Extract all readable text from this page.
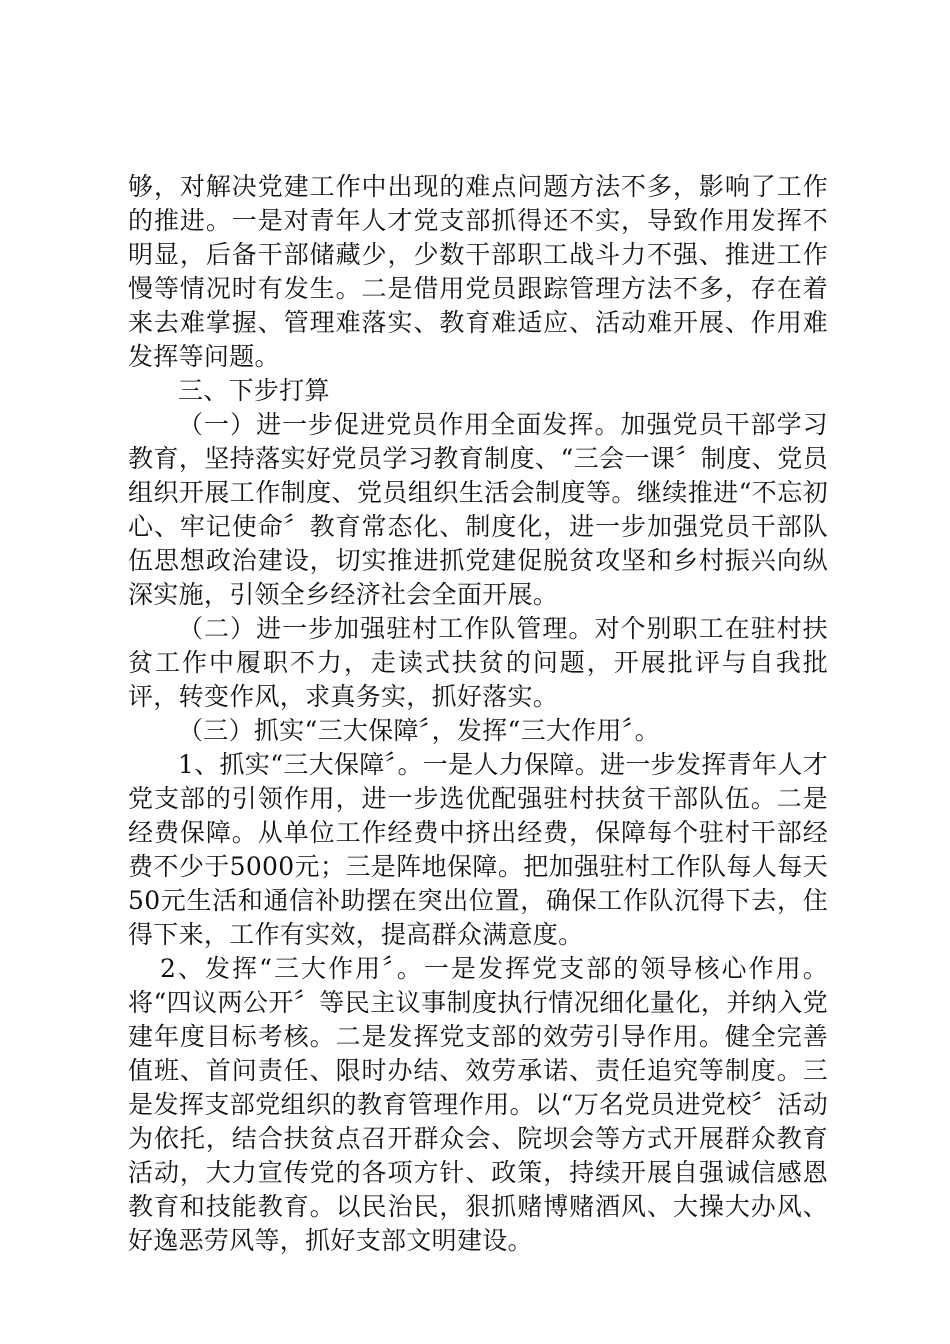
够，对解决党建工作中出现的难点问题方法不多，影响了工作的推进。一是对青年人才党支部抓得还不实，导致作用发挥不明显，后备干部储藏少，少数干部职工战斗力不强、推进工作慢等情况时有发生。二是借用党员跟踪管理方法不多，存在着来去难掌握、管理难落实、教育难适应、活动难开展、作用难发挥等问题。

三、下步打算

（一）进一步促进党员作用全面发挥。加强党员干部学习教育，坚持落实好党员学习教育制度、“三会一课〞制度、党员组织开展工作制度、党员组织生活会制度等。继续推进“不忘初心、牢记使命〞教育常态化、制度化，进一步加强党员干部队伍思想政治建设，切实推进抓党建促脱贫攻坚和乡村振兴向纵深实施，引领全乡经济社会全面开展。

（二）进一步加强驻村工作队管理。对个别职工在驻村扶贫工作中履职不力，走读式扶贫的问题，开展批评与自我批评，转变作风，求真务实，抓好落实。

（三）抓实“三大保障〞，发挥“三大作用〞。

1、抓实“三大保障〞。一是人力保障。进一步发挥青年人才党支部的引领作用，进一步选优配强驻村扶贫干部队伍。二是经费保障。从单位工作经费中挤出经费，保障每个驻村干部经费不少于5000元；三是阵地保障。把加强驻村工作队每人每天50元生活和通信补助摆在突出位置，确保工作队沉得下去，住得下来，工作有实效，提高群众满意度。

2、发挥“三大作用〞。一是发挥党支部的领导核心作用。将“四议两公开〞等民主议事制度执行情况细化量化，并纳入党建年度目标考核。二是发挥党支部的效劳引导作用。健全完善值班、首问责任、限时办结、效劳承诺、责任追究等制度。三是发挥支部党组织的教育管理作用。以“万名党员进党校〞活动为依托，结合扶贫点召开群众会、院坝会等方式开展群众教育活动，大力宣传党的各项方针、政策，持续开展自强诚信感恩教育和技能教育。以民治民，狠抓赌博赌酒风、大操大办风、好逸恶劳风等，抓好支部文明建设。
